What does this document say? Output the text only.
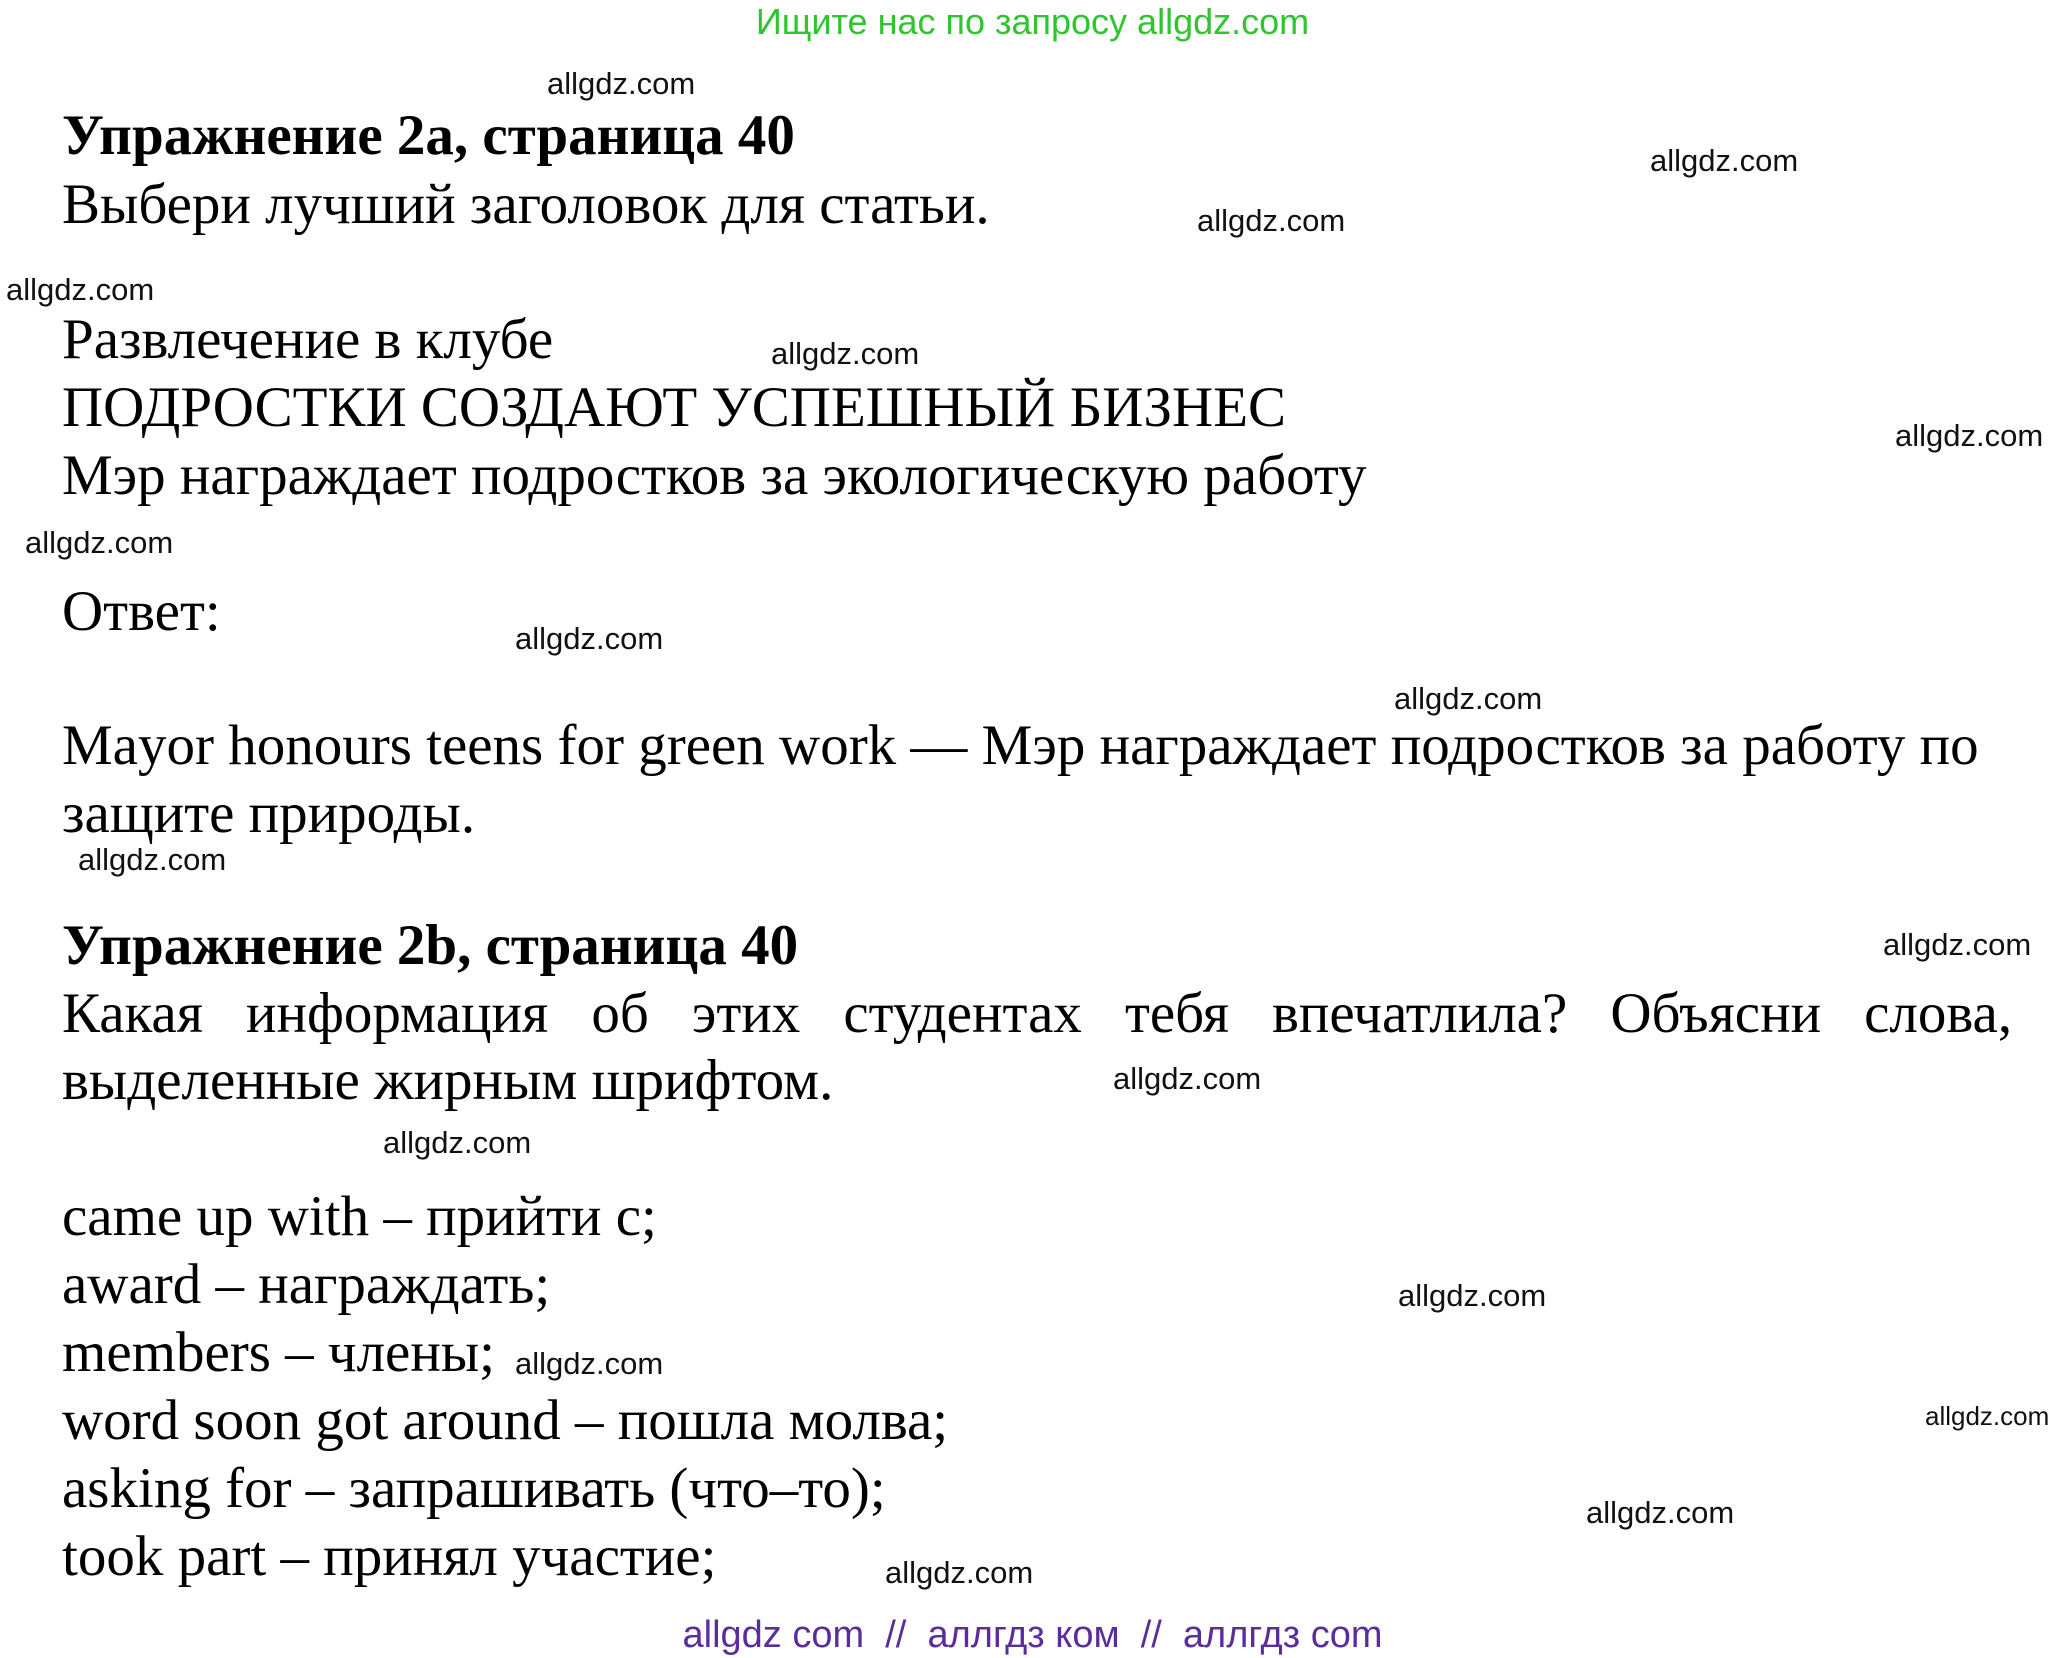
Ищите нас по запросу allgdz.com
Упражнение 2a, страница 40
Выбери лучший заголовок для статьи.
Развлечение в клубе
ПОДРОСТКИ СОЗДАЮТ УСПЕШНЫЙ БИЗНЕС
Мэр награждает подростков за экологическую работу
Ответ:
Mayor honours teens for green work — Мэр награждает подростков за работу по
защите природы.
Упражнение 2b, страница 40
Какая информация об этих студентах тебя впечатлила? Объясни слова,
выделенные жирным шрифтом.
came up with – прийти с;
award – награждать;
members – члены;
word soon got around – пошла молва;
asking for – запрашивать (что–то);
took part – принял участие;
allgdz.com
allgdz.com
allgdz.com
allgdz.com
allgdz.com
allgdz.com
allgdz.com
allgdz.com
allgdz.com
allgdz.com
allgdz.com
allgdz.com
allgdz.com
allgdz.com
allgdz.com
allgdz.com
allgdz.com
allgdz.com
allgdz com  //  аллгдз ком  //  аллгдз com
